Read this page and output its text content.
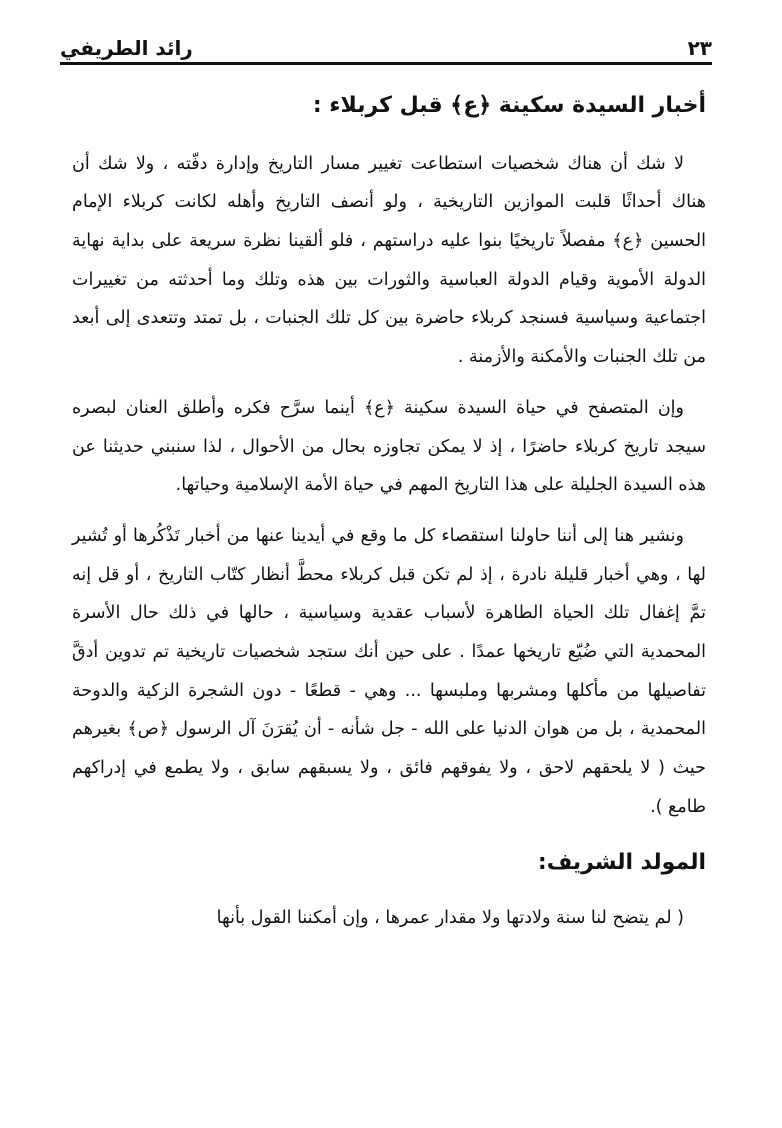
٢٣
رائد الطريفي
أخبار السيدة سكينة ﴿ع﴾ قبل كربلاء :

لا شك أن هناك شخصيات استطاعت تغيير مسار التاريخ وإدارة دفّته ، ولا شك أن هناك أحداثًا قلبت الموازين التاريخية ، ولو أنصف التاريخ وأهله لكانت كربلاء الإمام الحسين ﴿ع﴾ مفصلاً تاريخيًا بنوا عليه دراستهم ، فلو ألقينا نظرة سريعة على بداية نهاية الدولة الأموية وقيام الدولة العباسية والثورات بين هذه وتلك وما أحدثته من تغييرات اجتماعية وسياسية فسنجد كربلاء حاضرة بين كل تلك الجنبات ، بل تمتد وتتعدى إلى أبعد من تلك الجنبات والأمكنة والأزمنة .

وإن المتصفح في حياة السيدة سكينة ﴿ع﴾ أينما سرَّح فكره وأطلق العنان لبصره سيجد تاريخ كربلاء حاضرًا ، إذ لا يمكن تجاوزه بحال من الأحوال ، لذا سنبني حديثنا عن هذه السيدة الجليلة على هذا التاريخ المهم في حياة الأمة الإسلامية وحياتها.

ونشير هنا إلى أننا حاولنا استقصاء كل ما وقع في أيدينا عنها من أخبار تَذْكُرها أو تُشير لها ، وهي أخبار قليلة نادرة ، إذ لم تكن قبل كربلاء محطَّ أنظار كتّاب التاريخ ، أو قل إنه تمَّ إغفال تلك الحياة الطاهرة لأسباب عقدية وسياسية ، حالها في ذلك حال الأسرة المحمدية التي ضُيّع تاريخها عمدًا . على حين أنك ستجد شخصيات تاريخية تم تدوين أدقَّ تفاصيلها من مأكلها ومشربها وملبسها ... وهي - قطعًا - دون الشجرة الزكية والدوحة المحمدية ، بل من هوان الدنيا على الله - جل شأنه - أن يُقرَنَ آل الرسول ﴿ص﴾ بغيرهم حيث ( لا يلحقهم لاحق ، ولا يفوقهم فائق ، ولا يسبقهم سابق ، ولا يطمع في إدراكهم طامع ).

المولد الشريف:

( لم يتضح لنا سنة ولادتها ولا مقدار عمرها ، وإن أمكننا القول بأنها
